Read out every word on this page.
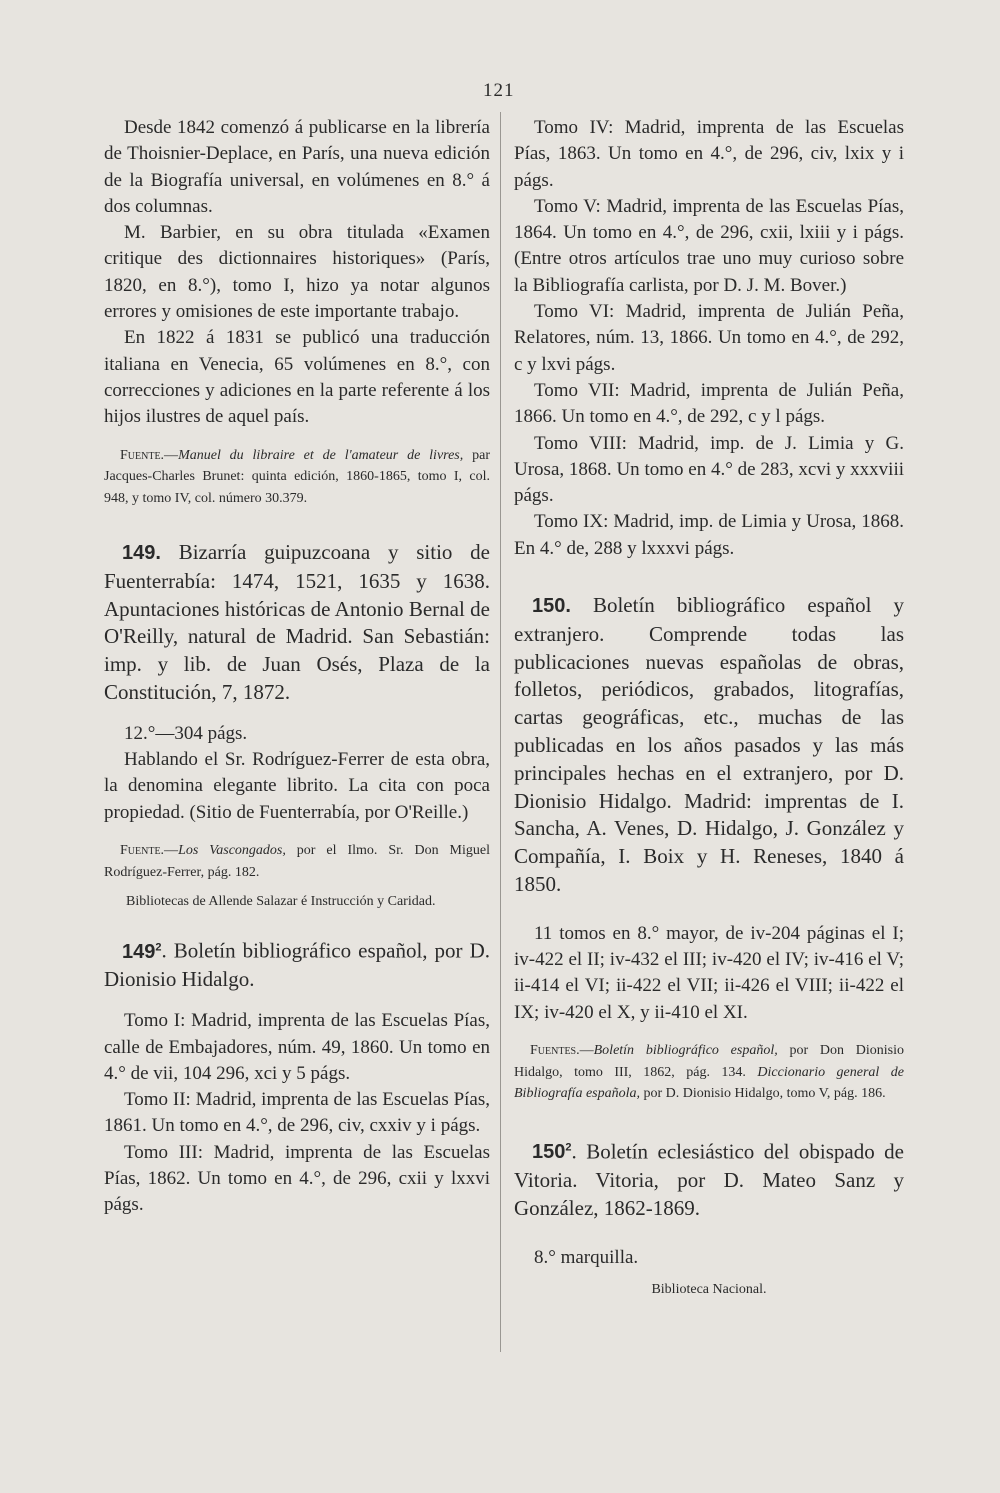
121

Desde 1842 comenzó á publicarse en la librería de Thoisnier-Deplace, en París, una nueva edición de la Biografía universal, en volúmenes en 8.° á dos columnas.

M. Barbier, en su obra titulada «Examen critique des dictionnaires historiques» (París, 1820, en 8.°), tomo I, hizo ya notar algunos errores y omisiones de este importante trabajo.

En 1822 á 1831 se publicó una traducción italiana en Venecia, 65 volúmenes en 8.°, con correcciones y adiciones en la parte referente á los hijos ilustres de aquel país.

Fuente.—Manuel du libraire et de l'amateur de livres, par Jacques-Charles Brunet: quinta edición, 1860-1865, tomo I, col. 948, y tomo IV, col. número 30.379.

149. Bizarría guipuzcoana y sitio de Fuenterrabía: 1474, 1521, 1635 y 1638. Apuntaciones históricas de Antonio Bernal de O'Reilly, natural de Madrid. San Sebastián: imp. y lib. de Juan Osés, Plaza de la Constitución, 7, 1872.

12.°—304 págs.

Hablando el Sr. Rodríguez-Ferrer de esta obra, la denomina elegante librito. La cita con poca propiedad. (Sitio de Fuenterrabía, por O'Reille.)

Fuente.—Los Vascongados, por el Ilmo. Sr. Don Miguel Rodríguez-Ferrer, pág. 182.

Bibliotecas de Allende Salazar é Instrucción y Caridad.

$149^2$. Boletín bibliográfico español, por D. Dionisio Hidalgo.

Tomo I: Madrid, imprenta de las Escuelas Pías, calle de Embajadores, núm. 49, 1860. Un tomo en 4.° de vii, 104 296, xci y 5 págs.

Tomo II: Madrid, imprenta de las Escuelas Pías, 1861. Un tomo en 4.°, de 296, civ, cxxiv y i págs.

Tomo III: Madrid, imprenta de las Escuelas Pías, 1862. Un tomo en 4.°, de 296, cxii y lxxvi págs.

Tomo IV: Madrid, imprenta de las Escuelas Pías, 1863. Un tomo en 4.°, de 296, civ, lxix y i págs.

Tomo V: Madrid, imprenta de las Escuelas Pías, 1864. Un tomo en 4.°, de 296, cxii, lxiii y i págs. (Entre otros artículos trae uno muy curioso sobre la Bibliografía carlista, por D. J. M. Bover.)

Tomo VI: Madrid, imprenta de Julián Peña, Relatores, núm. 13, 1866. Un tomo en 4.°, de 292, c y lxvi págs.

Tomo VII: Madrid, imprenta de Julián Peña, 1866. Un tomo en 4.°, de 292, c y l págs.

Tomo VIII: Madrid, imp. de J. Limia y G. Urosa, 1868. Un tomo en 4.° de 283, xcvi y xxxviii págs.

Tomo IX: Madrid, imp. de Limia y Urosa, 1868. En 4.° de, 288 y lxxxvi págs.

150. Boletín bibliográfico español y extranjero. Comprende todas las publicaciones nuevas españolas de obras, folletos, periódicos, grabados, litografías, cartas geográficas, etc., muchas de las publicadas en los años pasados y las más principales hechas en el extranjero, por D. Dionisio Hidalgo. Madrid: imprentas de I. Sancha, A. Venes, D. Hidalgo, J. González y Compañía, I. Boix y H. Reneses, 1840 á 1850.

11 tomos en 8.° mayor, de iv-204 páginas el I; iv-422 el II; iv-432 el III; iv-420 el IV; iv-416 el V; ii-414 el VI; ii-422 el VII; ii-426 el VIII; ii-422 el IX; iv-420 el X, y ii-410 el XI.

Fuentes.—Boletín bibliográfico español, por Don Dionisio Hidalgo, tomo III, 1862, pág. 134. Diccionario general de Bibliografía española, por D. Dionisio Hidalgo, tomo V, pág. 186.

$150^2$. Boletín eclesiástico del obispado de Vitoria. Vitoria, por D. Mateo Sanz y González, 1862-1869.

8.° marquilla.

Biblioteca Nacional.
